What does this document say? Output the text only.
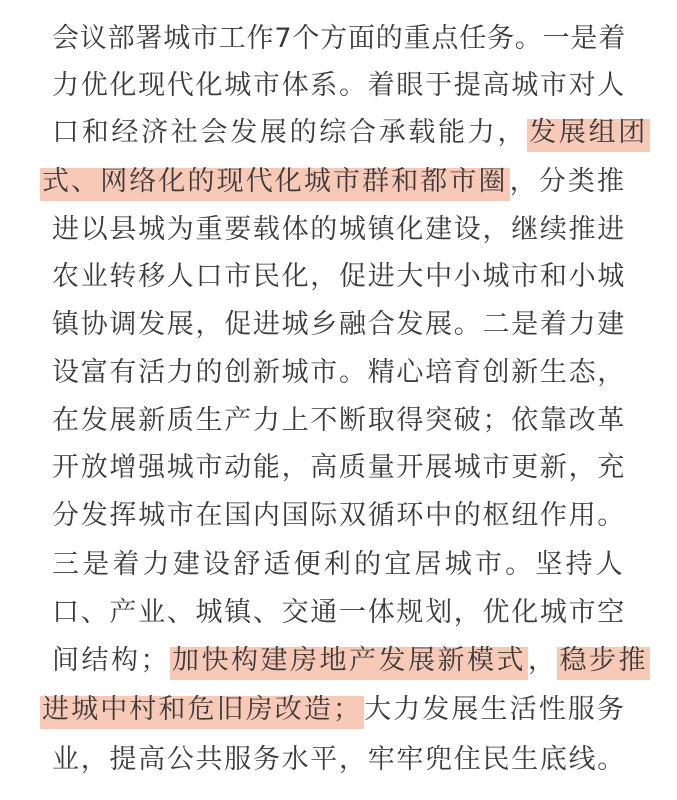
会议部署城市工作7个方面的重点任务。一是着
力优化现代化城市体系。着眼于提高城市对人
口和经济社会发展的综合承载能力， 发展组团
式、网络化的现代化城市群和都市圈 ，分类推
进以县城为重要载体的城镇化建设，继续推进
农业转移人口市民化，促进大中小城市和小城
镇协调发展，促进城乡融合发展。二是着力建
设富有活力的创新城市。精心培育创新生态，
在发展新质生产力上不断取得突破；依靠改革
开放增强城市动能，高质量开展城市更新，充
分发挥城市在国内国际双循环中的枢纽作用。
三是着力建设舒适便利的宜居城市。坚持人
口、产业、城镇、交通一体规划，优化城市空
间结构； 加快构建房地产发展新模式 ， 稳步推
进城中村和危旧房改造； 大力发展生活性服务
业，提高公共服务水平，牢牢兜住民生底线。
